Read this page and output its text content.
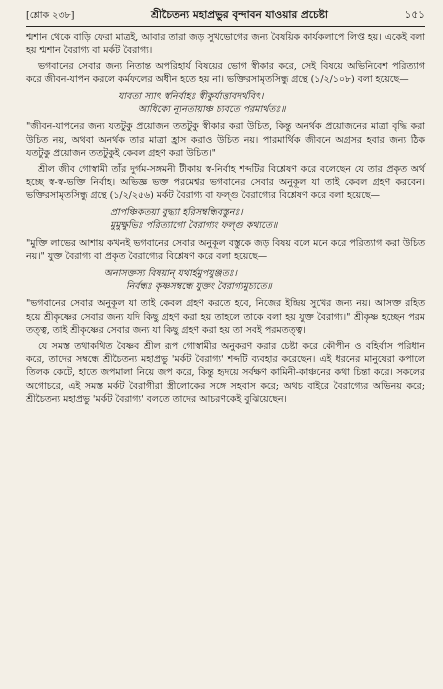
[শ্লোক ২৩৮]	শ্রীচৈতন্য মহাপ্রভুর বৃন্দাবন যাওয়ার প্রচেষ্টা	১৫১

শ্মশান থেকে বাড়ি ফেরা মাত্রই, আবার তারা জড় সুখভোগের জন্য বৈষয়িক কার্যকলাপে লিপ্ত হয়। একেই বলা হয় শ্মশান বৈরাগ্য বা মর্কট বৈরাগ্য।

ভগবানের সেবার জন্য নিতান্ত অপরিহার্য বিষয়ের ভোগ স্বীকার করে, সেই বিষয়ে অভিনিবেশ পরিত্যাগ করে জীবন-যাপন করলে কর্মফলের অধীন হতে হয় না। ভক্তিরসামৃতসিন্ধু গ্রন্থে (১/২/১০৮) বলা হয়েছে—

যাবতা স্যাৎ স্বনির্বাহঃ স্বীকুর্যাত্তাবদর্থবিৎ।
আধিক্যে ন্যূনতায়াঞ্চ চ্যবতে পরমার্থতঃ॥

"জীবন-যাপনের জন্য যতটুকু প্রয়োজন ততটুকু স্বীকার করা উচিত, কিন্তু অনর্থক প্রয়োজনের মাত্রা বৃদ্ধি করা উচিত নয়, অথবা অনর্থক তার মাত্রা হ্রাস করাও উচিত নয়। পারমার্থিক জীবনে অগ্রসর হবার জন্য ঠিক যতটুকু প্রয়োজন ততটুকুই কেবল গ্রহণ করা উচিত।"

শ্রীল জীব গোস্বামী তাঁর দুর্গম-সঙ্গমনী টীকায় স্ব-নির্বাহ শব্দটির বিশ্লেষণ করে বলেছেন যে তার প্রকৃত অর্থ হচ্ছে স্ব-স্ব-ভক্তি নির্বাহ। অভিজ্ঞ ভক্ত পরমেশ্বর ভগবানের সেবার অনুকূল যা তাই কেবল গ্রহণ করবেন। ভক্তিরসামৃতসিন্ধু গ্রন্থে (১/২/২৫৬) মর্কট বৈরাগ্য বা ফল্গু বৈরাগ্যের বিশ্লেষণ করে বলা হয়েছে—

প্রাপঞ্চিকতয়া বুদ্ধ্যা হরিসম্বন্ধিবস্তুনঃ।
মুমুক্ষুভিঃ পরিত্যাগো বৈরাগ্যং ফল্গু কথ্যতে॥

"মুক্তি লাভের আশায় কখনই ভগবানের সেবার অনুকূল বস্তুকে জড় বিষয় বলে মনে করে পরিত্যাগ করা উচিত নয়।" যুক্ত বৈরাগ্য বা প্রকৃত বৈরাগ্যের বিশ্লেষণ করে বলা হয়েছে—

অনাসক্তস্য বিষয়ান্ যথার্হমুপযুঞ্জতঃ।
নির্বন্ধঃ কৃষ্ণসম্বন্ধে যুক্তং বৈরাগ্যমুচ্যতে॥

"ভগবানের সেবার অনুকূল যা তাই কেবল গ্রহণ করতে হবে, নিজের ইন্দ্রিয় সুখের জন্য নয়। আসক্ত রহিত হয়ে শ্রীকৃষ্ণের সেবার জন্য যদি কিছু গ্রহণ করা হয় তাহলে তাকে বলা হয় যুক্ত বৈরাগ্য।" শ্রীকৃষ্ণ হচ্ছেন পরম তত্ত্ব, তাই শ্রীকৃষ্ণের সেবার জন্য যা কিছু গ্রহণ করা হয় তা সবই পরমতত্ত্ব।

যে সমস্ত তথাকথিত বৈষ্ণব শ্রীল রূপ গোস্বামীর অনুকরণ করার চেষ্টা করে কৌপীন ও বহির্বাস পরিধান করে, তাদের সম্বন্ধে শ্রীচৈতন্য মহাপ্রভু 'মর্কট বৈরাগ্য' শব্দটি ব্যবহার করেছেন। এই ধরনের মানুষেরা কপালে তিলক কেটে, হাতে জপমালা নিয়ে জপ করে, কিন্তু হৃদয়ে সর্বক্ষণ কামিনী-কাঞ্চনের কথা চিন্তা করে। সকলের অগোচরে, এই সমস্ত মর্কট বৈরাগীরা স্ত্রীলোকের সঙ্গে সহবাস করে; অথচ বাইরে বৈরাগ্যের অভিনয় করে; শ্রীচৈতন্য মহাপ্রভু 'মর্কট বৈরাগ্য' বলতে তাদের আচরণকেই বুঝিয়েছেন।
